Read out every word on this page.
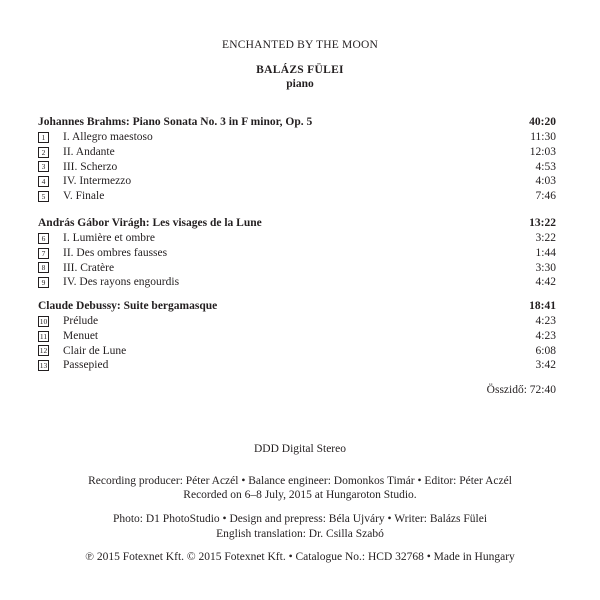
ENCHANTED BY THE MOON
BALÁZS FÜLEI
piano
Johannes Brahms: Piano Sonata No. 3 in F minor, Op. 5	40:20
1	I. Allegro maestoso	11:30
2	II. Andante	12:03
3	III. Scherzo	4:53
4	IV. Intermezzo	4:03
5	V. Finale	7:46
András Gábor Virágh: Les visages de la Lune	13:22
6	I. Lumière et ombre	3:22
7	II. Des ombres fausses	1:44
8	III. Cratère	3:30
9	IV. Des rayons engourdis	4:42
Claude Debussy: Suite bergamasque	18:41
10 Prélude	4:23
11 Menuet	4:23
12 Clair de Lune	6:08
13 Passepied	3:42
Összidő: 72:40
DDD Digital Stereo
Recording producer: Péter Aczél • Balance engineer: Domonkos Timár • Editor: Péter Aczél
Recorded on 6–8 July, 2015 at Hungaroton Studio.
Photo: D1 PhotoStudio • Design and prepress: Béla Ujváry • Writer: Balázs Fülei
English translation: Dr. Csilla Szabó
℗ 2015 Fotexnet Kft. © 2015 Fotexnet Kft. • Catalogue No.: HCD 32768 • Made in Hungary
